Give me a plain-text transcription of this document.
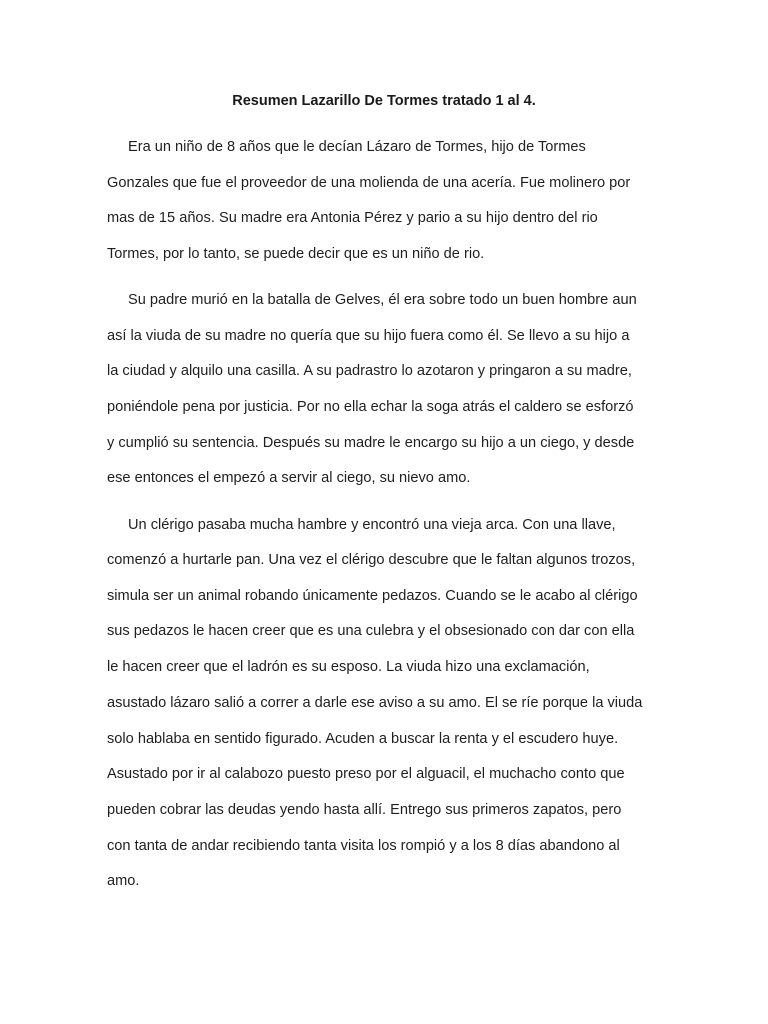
Resumen Lazarillo De Tormes tratado 1 al 4.
Era un niño de 8 años que le decían Lázaro de Tormes, hijo de Tormes
Gonzales que fue el proveedor de una molienda de una acería. Fue molinero por
mas de 15 años. Su madre era Antonia Pérez y pario a su hijo dentro del rio
Tormes, por lo tanto, se puede decir que es un niño de rio.
Su padre murió en la batalla de Gelves, él era sobre todo un buen hombre aun
así la viuda de su madre no quería que su hijo fuera como él. Se llevo a su hijo a
la ciudad y alquilo una casilla. A su padrastro lo azotaron y pringaron a su madre,
poniéndole pena por justicia. Por no ella echar la soga atrás el caldero se esforzó
y cumplió su sentencia. Después su madre le encargo su hijo a un ciego, y desde
ese entonces el empezó a servir al ciego, su nievo amo.
Un clérigo pasaba mucha hambre y encontró una vieja arca. Con una llave,
comenzó a hurtarle pan. Una vez el clérigo descubre que le faltan algunos trozos,
simula ser un animal robando únicamente pedazos. Cuando se le acabo al clérigo
sus pedazos le hacen creer que es una culebra y el obsesionado con dar con ella
le hacen creer que el ladrón es su esposo. La viuda hizo una exclamación,
asustado lázaro salió a correr a darle ese aviso a su amo. El se ríe porque la viuda
solo hablaba en sentido figurado. Acuden a buscar la renta y el escudero huye.
Asustado por ir al calabozo puesto preso por el alguacil, el muchacho conto que
pueden cobrar las deudas yendo hasta allí. Entrego sus primeros zapatos, pero
con tanta de andar recibiendo tanta visita los rompió y a los 8 días abandono al
amo.
